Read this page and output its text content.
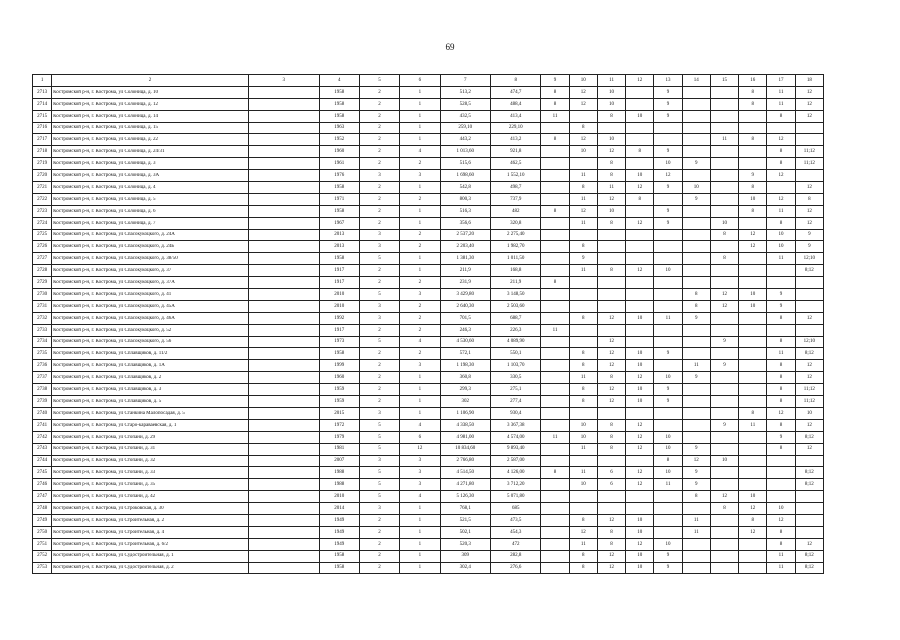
69
1	2	3	4	5	6	7	8	9	10	11	12	13	14	15	16	17	18
2713	Костромской р-н, г. Кострома, ул Солоница, д. 10		1958	2	1	513,2	474,7	8	12	10		9			8	11	12
2714	Костромской р-н, г. Кострома, ул Солоница, д. 12		1958	2	1	528,5	488,4	8	12	10		9			8	11	12
2715	Костромской р-н, г. Кострома, ул Солоница, д. 14		1958	2	1	432,5	413,4	11		8	10	9				8	12
2716	Костромской р-н, г. Кострома, ул Солоница, д. 15		1963	2	1	259,10	229,10		8								
2717	Костромской р-н, г. Кострома, ул Солоница, д. 22		1952	2	1	443,2	413,2	8	12	10				11	8	12	
2718	Костромской р-н, г. Кострома, ул Солоница, д. 24/31		1960	2	4	1 013,60	921,8		10	12	8	9				8	11;12
2719	Костромской р-н, г. Кострома, ул Солоница, д. 3		1961	2	2	515,6	462,5			8		10	9			8	11;12
2720	Костромской р-н, г. Кострома, ул Солоница, д. 3А		1976	3	3	1 698,60	1 552,10		11	8	10	12			9	12	
2721	Костромской р-н, г. Кострома, ул Солоница, д. 4		1958	2	1	542,8	498,7		8	11	12	9	10		8		12
2722	Костромской р-н, г. Кострома, ул Солоница, д. 5		1971	2	2	800,3	737,9		11	12	8		9		10	12	8
2723	Костромской р-н, г. Кострома, ул Солоница, д. 6		1958	2	1	516,3	482	8	12	10		9			8	11	12
2724	Костромской р-н, г. Кострома, ул Солоница, д. 7		1967	2	1	356,6	320,8		11	8	12	9		10		8	12
2725	Костромской р-н, г. Кострома, ул Спасокукоцкого, д. 24А		2013	3	2	2 537,20	2 275,40							8	12	10	9
2726	Костромской р-н, г. Кострома, ул Спасокукоцкого, д. 24Б		2013	3	2	2 203,40	1 982,70		8						12	10	9
2727	Костромской р-н, г. Кострома, ул Спасокукоцкого, д. 38/50		1958	5	1	1 381,30	1 011,50		9					8		11	12;10
2728	Костромской р-н, г. Кострома, ул Спасокукоцкого, д. 37		1917	2	1	211,9	168,8		11	8	12	10					8;12
2729	Костромской р-н, г. Кострома, ул Спасокукоцкого, д. 37А		1917	2	2	231,9	211,9	8									
2730	Костромской р-н, г. Кострома, ул Спасокукоцкого, д. 41		2010	5	3	3 429,80	3 148,50						8	12	10	9	
2731	Костромской р-н, г. Кострома, ул Спасокукоцкого, д. 45А		2010	3	2	2 640,30	2 503,60						8	12	10	9	
2732	Костромской р-н, г. Кострома, ул Спасокукоцкого, д. 46А		1992	3	2	701,5	688,7		8	12	10	11	9			8	12
2733	Костромской р-н, г. Кострома, ул Спасокукоцкого, д. 52		1917	2	2	246,3	226,3	11									
2734	Костромской р-н, г. Кострома, ул Спасокукоцкого, д. 56		1973	5	4	4 530,60	4 089,90			12				9		8	12;10
2735	Костромской р-н, г. Кострома, ул Сплавщиков, д. 11/2		1958	2	2	572,1	550,1		8	12	10	9				11	8;12
2736	Костромской р-н, г. Кострома, ул Сплавщиков, д. 1А		1999	2	3	1 198,30	1 103,70		8	12	10		11	9		8	12
2737	Костромской р-н, г. Кострома, ул Сплавщиков, д. 2		1960	2	1	360,8	330,5		11	8	12	10	9			8	12
2738	Костромской р-н, г. Кострома, ул Сплавщиков, д. 3		1959	2	1	299,3	275,1		8	12	10	9				8	11;12
2739	Костромской р-н, г. Кострома, ул Сплавщиков, д. 5		1959	2	1	302	277,4		8	12	10	9				8	11;12
2740	Костромской р-н, г. Кострома, ул Станкина Малопосадая, д. 5		2015	3	1	1 106,90	930,4								8	12	10
2741	Костромской р-н, г. Кострома, ул Старо-караваевская, д. 1		1972	5	4	4 338,50	3 367,38		10	8	12			9	11	8	12
2742	Костромской р-н, г. Кострома, ул Стопани, д. 29		1979	5	6	4 981,00	4 574,00	11	10	8	12	10				9	8;12
2743	Костромской р-н, г. Кострома, ул Стопани, д. 31		1981	5	12	10 834,60	9 893,40		11	8	12	10	9			8	12
2744	Костромской р-н, г. Кострома, ул Стопани, д. 32		2007	3	3	2 766,80	2 587,00					8	12	10			
2745	Костромской р-н, г. Кострома, ул Стопани, д. 33		1988	5	3	4 514,50	4 126,00	8	11	6	12	10	9				8;12
2746	Костромской р-н, г. Кострома, ул Стопани, д. 35		1988	5	3	4 271,80	3 712,20		10	6	12	11	9				8;12
2747	Костромской р-н, г. Кострома, ул Стопани, д. 42		2010	5	4	5 126,30	5 071,80						8	12	10		
2748	Костромской р-н, г. Кострома, ул Строковская, д. 30		2014	3	1	768,1	685							8	12	10	
2749	Костромской р-н, г. Кострома, ул Строительная, д. 2		1949	2	1	521,5	473,5		8	12	10		11		8	12	
2750	Костромской р-н, г. Кострома, ул Строительная, д. 4		1949	2	1	502,1	454,3		12	8	10		11		12	8	
2751	Костромской р-н, г. Кострома, ул Строительная, д. 6/2		1949	2	1	520,3	472		11	8	12	10				8	12
2752	Костромской р-н, г. Кострома, ул Судостроительная, д. 1		1958	2	1	309	282,8		8	12	10	9				11	8;12
2753	Костромской р-н, г. Кострома, ул Судостроительная, д. 2		1958	2	1	302,4	276,6		8	12	10	9				11	8;12
